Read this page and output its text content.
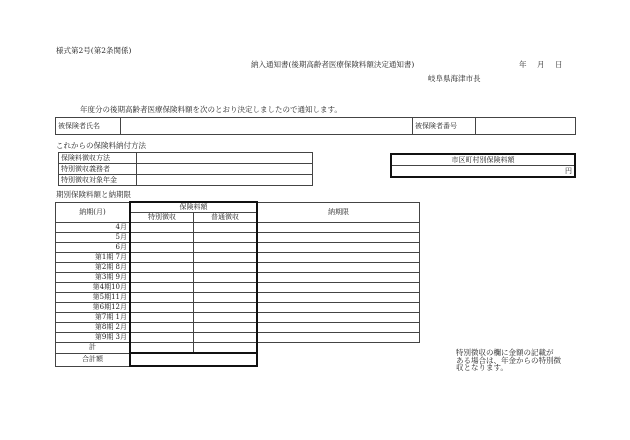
様式第2号(第2条関係)
納入通知書(後期高齢者医療保険料額決定通知書)	年 月 日
岐阜県海津市長
年度分の後期高齢者医療保険料額を次のとおり決定しましたので通知します。
被保険者氏名		被保険者番号	
これからの保険料納付方法
保険料徴収方法	
特別徴収義務者	
特別徴収対象年金	
市区町村別保険料額
円
期別保険料額と納期限
納期(月)	保険料額		納期限
	特別徴収	普通徴収	
4月			
5月			
6月			
第1期 7月			
第2期 8月			
第3期 9月			
第4期10月			
第5期11月			
第6期12月			
第7期 1月			
第8期 2月			
第9期 3月			
計			
合計額			
特別徴収の欄に金額の記載が
ある場合は、年金からの特別徴
収となります。
